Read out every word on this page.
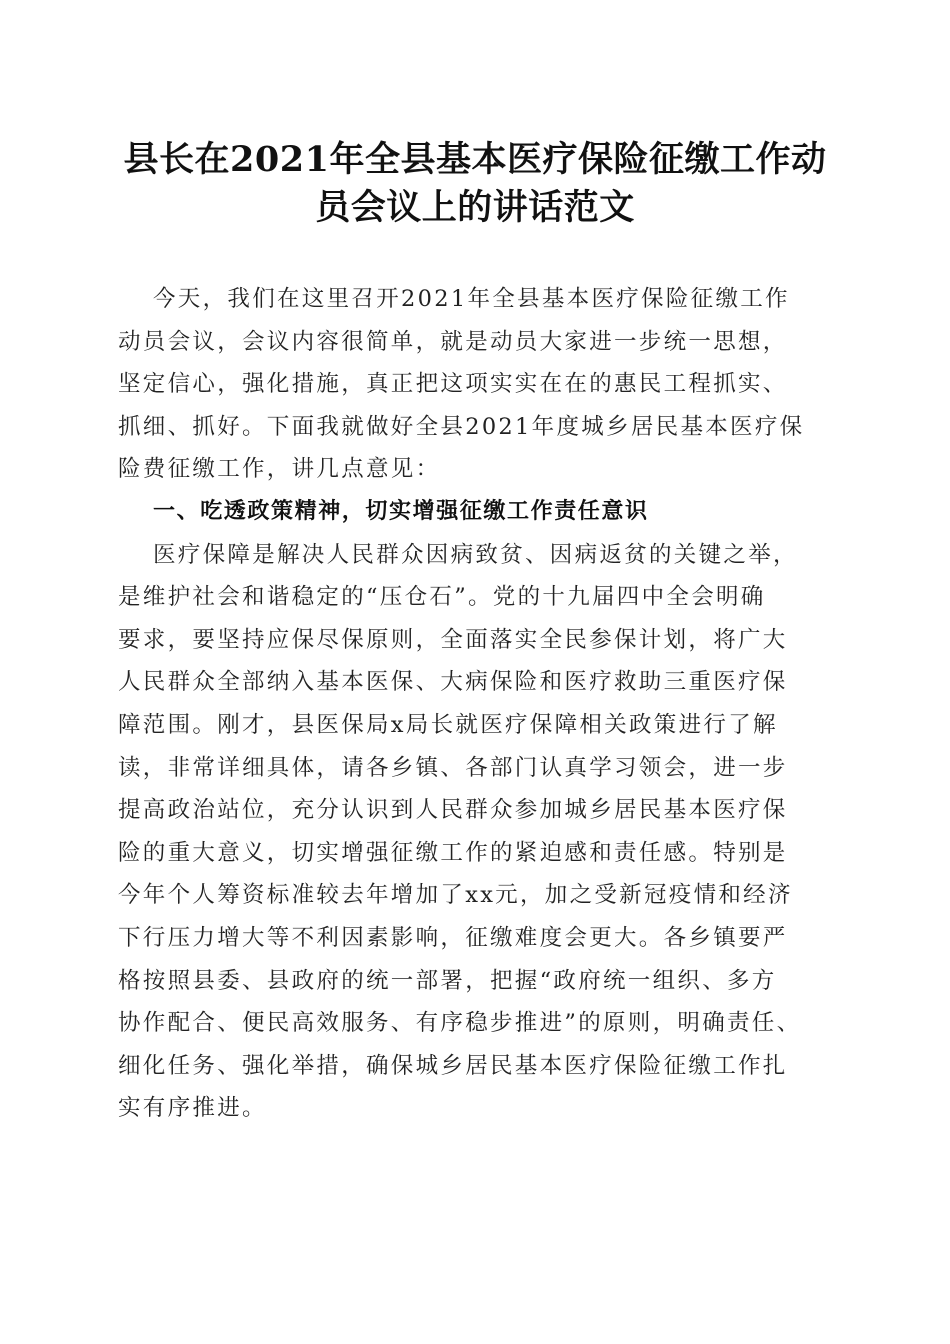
县长在2021年全县基本医疗保险征缴工作动
员会议上的讲话范文
今天，我们在这里召开2021年全县基本医疗保险征缴工作
动员会议，会议内容很简单，就是动员大家进一步统一思想，
坚定信心，强化措施，真正把这项实实在在的惠民工程抓实、
抓细、抓好。下面我就做好全县2021年度城乡居民基本医疗保
险费征缴工作，讲几点意见：
一、吃透政策精神，切实增强征缴工作责任意识
医疗保障是解决人民群众因病致贫、因病返贫的关键之举，
是维护社会和谐稳定的“压仓石”。党的十九届四中全会明确
要求，要坚持应保尽保原则，全面落实全民参保计划，将广大
人民群众全部纳入基本医保、大病保险和医疗救助三重医疗保
障范围。刚才，县医保局x局长就医疗保障相关政策进行了解
读，非常详细具体，请各乡镇、各部门认真学习领会，进一步
提高政治站位，充分认识到人民群众参加城乡居民基本医疗保
险的重大意义，切实增强征缴工作的紧迫感和责任感。特别是
今年个人筹资标准较去年增加了xx元，加之受新冠疫情和经济
下行压力增大等不利因素影响，征缴难度会更大。各乡镇要严
格按照县委、县政府的统一部署，把握“政府统一组织、多方
协作配合、便民高效服务、有序稳步推进”的原则，明确责任、
细化任务、强化举措，确保城乡居民基本医疗保险征缴工作扎
实有序推进。
